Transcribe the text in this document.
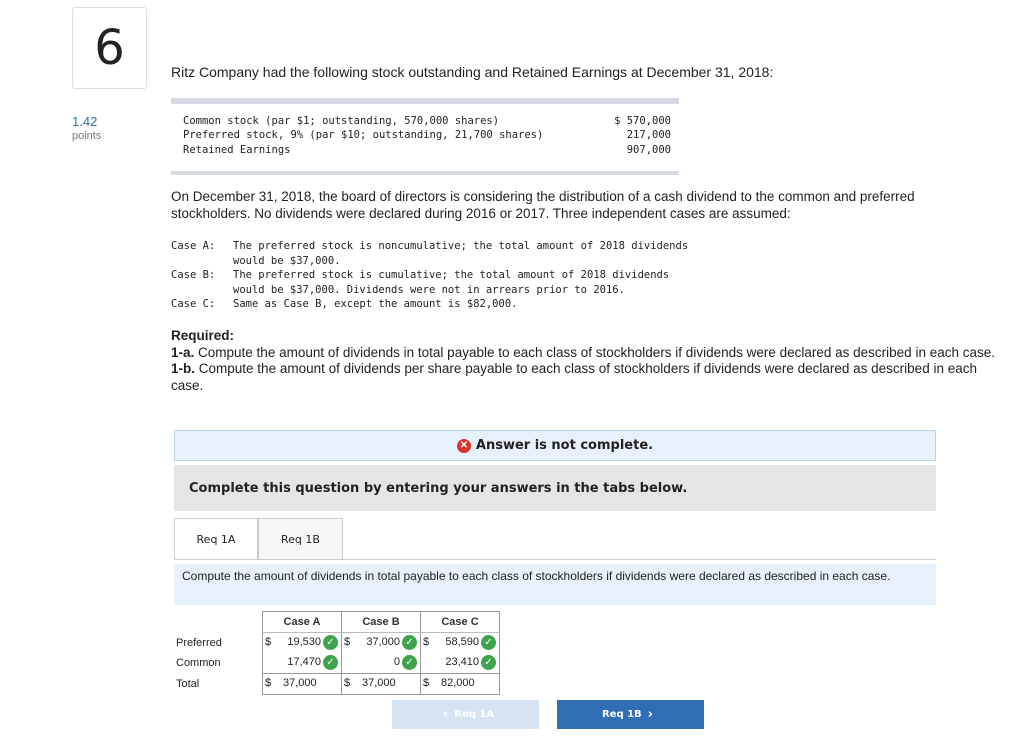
6
1.42
points
Ritz Company had the following stock outstanding and Retained Earnings at December 31, 2018:
Common stock (par $1; outstanding, 570,000 shares)	$ 570,000
Preferred stock, 9% (par $10; outstanding, 21,700 shares)	217,000
Retained Earnings	907,000
On December 31, 2018, the board of directors is considering the distribution of a cash dividend to the common and preferred stockholders. No dividends were declared during 2016 or 2017. Three independent cases are assumed:
Case A: The preferred stock is noncumulative; the total amount of 2018 dividends
would be $37,000.
Case B: The preferred stock is cumulative; the total amount of 2018 dividends
would be $37,000. Dividends were not in arrears prior to 2016.
Case C: Same as Case B, except the amount is $82,000.
Required:
1-a. Compute the amount of dividends in total payable to each class of stockholders if dividends were declared as described in each case.
1-b. Compute the amount of dividends per share payable to each class of stockholders if dividends were declared as described in each case.
✕ Answer is not complete.
Complete this question by entering your answers in the tabs below.
Req 1A	Req 1B
Compute the amount of dividends in total payable to each class of stockholders if dividends were declared as described in each case.
	Case A	Case B	Case C
Preferred	$ 19,530 ✓	$ 37,000 ✓	$ 58,590 ✓

Common	17,470 ✓	0 ✓	23,410 ✓

Total	$ 37,000	$ 37,000	$ 82,000
‹ Req 1A	Req 1B ›
